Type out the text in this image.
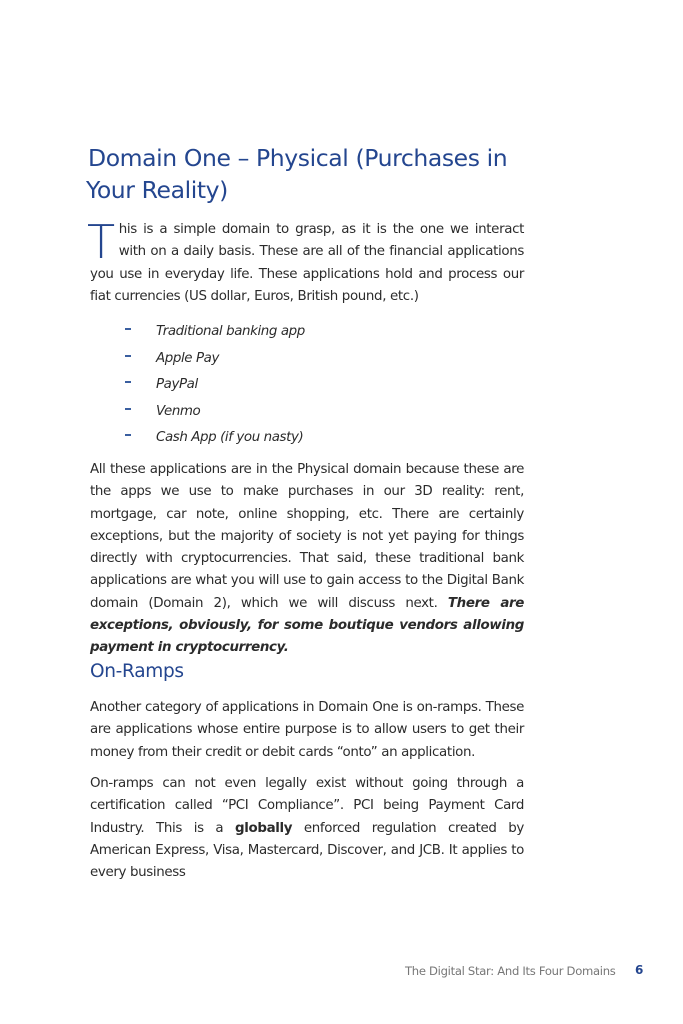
Domain One – Physical (Purchases in
Your Reality)

This is a simple domain to grasp, as it is the one we interact with on a daily basis. These are all of the financial applications you use in everyday life. These applications hold and process our fiat currencies (US dollar, Euros, British pound, etc.)

Traditional banking app
Apple Pay
PayPal
Venmo
Cash App (if you nasty)

All these applications are in the Physical domain because these are the apps we use to make purchases in our 3D reality: rent, mortgage, car note, online shopping, etc. There are certainly exceptions, but the majority of society is not yet paying for things directly with cryptocurrencies. That said, these traditional bank applications are what you will use to gain access to the Digital Bank domain (Domain 2), which we will discuss next. There are exceptions, obviously, for some boutique vendors allowing payment in cryptocurrency.

On-Ramps

Another category of applications in Domain One is on-ramps. These are applications whose entire purpose is to allow users to get their money from their credit or debit cards “onto” an application.

On-ramps can not even legally exist without going through a certification called “PCI Compliance”. PCI being Payment Card Industry. This is a globally enforced regulation created by American Express, Visa, Mastercard, Discover, and JCB. It applies to every business

The Digital Star: And Its Four Domains 6
